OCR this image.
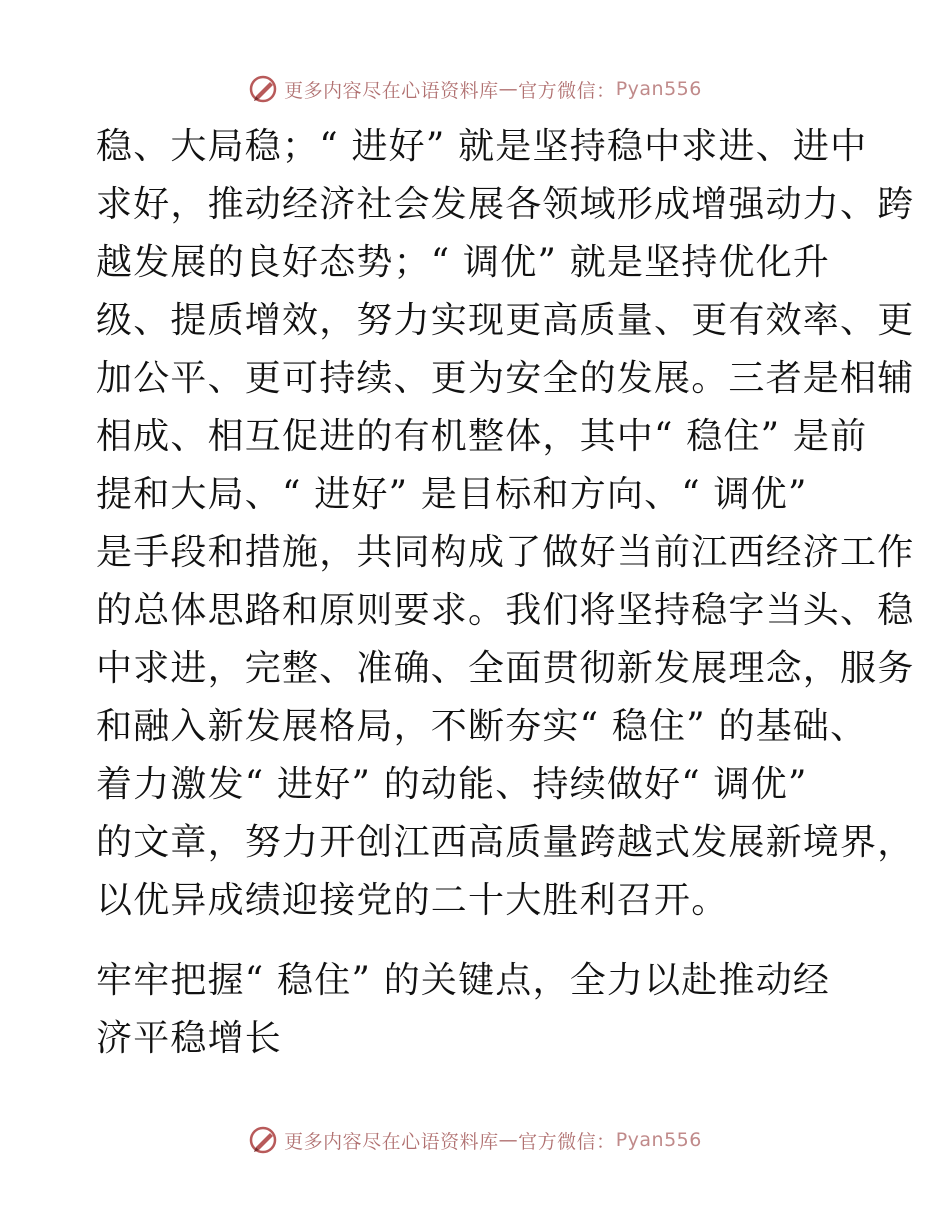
更多内容尽在心语资料库 — 官方微信： Pyan556
稳、大局稳；“ 进好” 就是坚持稳中求进、进中
求好，推动经济社会发展各领域形成增强动力、跨
越发展的良好态势；“ 调优” 就是坚持优化升
级、提质增效，努力实现更高质量、更有效率、更
加公平、更可持续、更为安全的发展。三者是相辅
相成、相互促进的有机整体，其中“ 稳住” 是前
提和大局、“ 进好” 是目标和方向、“ 调优”
是手段和措施，共同构成了做好当前江西经济工作
的总体思路和原则要求。我们将坚持稳字当头、稳
中求进，完整、准确、全面贯彻新发展理念，服务
和融入新发展格局，不断夯实“ 稳住” 的基础、
着力激发“ 进好” 的动能、持续做好“ 调优”
的文章，努力开创江西高质量跨越式发展新境界，
以优异成绩迎接党的二十大胜利召开。
牢牢把握“ 稳住” 的关键点，全力以赴推动经
济平稳增长
更多内容尽在心语资料库 — 官方微信： Pyan556
